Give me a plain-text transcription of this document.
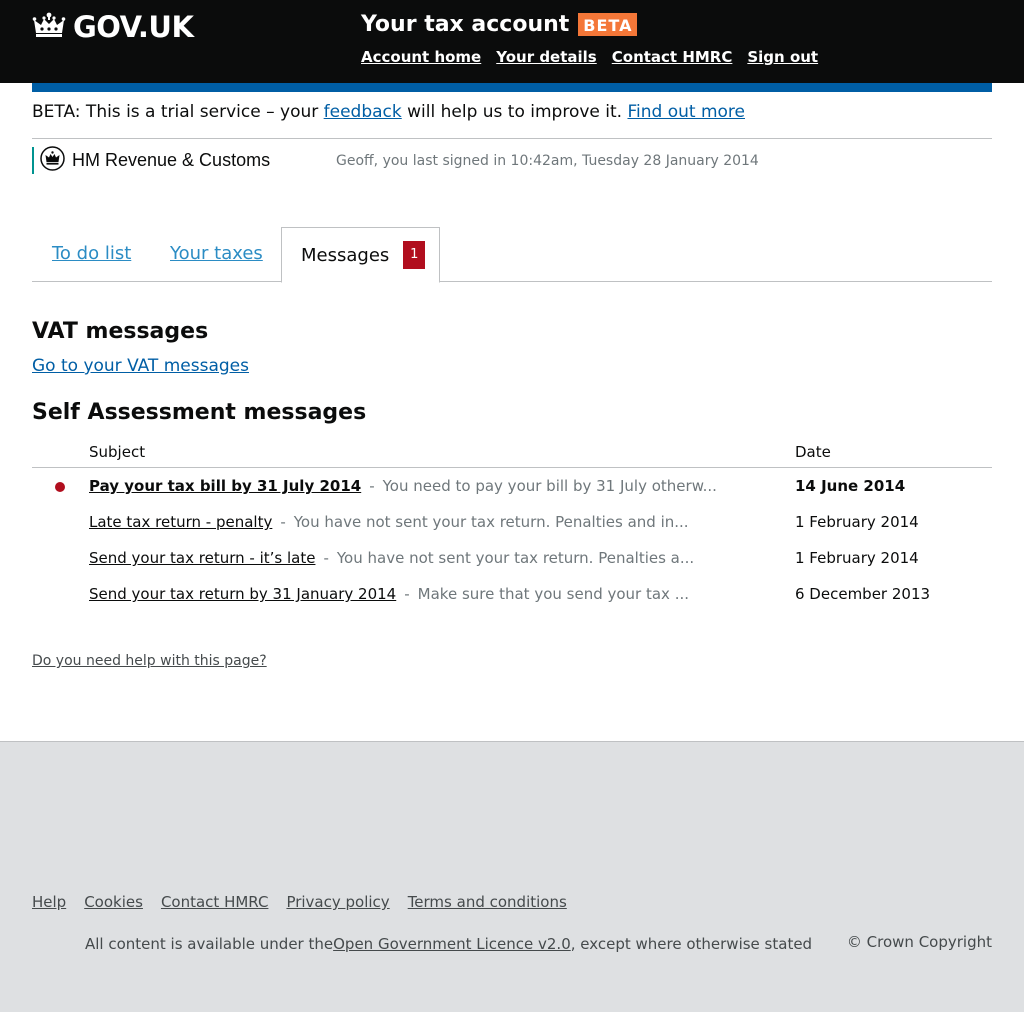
GOV.UK	Your tax account BETA
Account home Your details Contact HMRC Sign out
BETA: This is a trial service – your feedback will help us to improve it. Find out more
HM Revenue & Customs	Geoff, you last signed in 10:42am, Tuesday 28 January 2014
To do list Your taxes Messages	1
VAT messages
Go to your VAT messages
Self Assessment messages
Subject	Date
Pay your tax bill by 31 July 2014 - You need to pay your bill by 31 July otherw...	14 June 2014
Late tax return - penalty - You have not sent your tax return. Penalties and in...	1 February 2014
Send your tax return - it’s late - You have not sent your tax return. Penalties a...	1 February 2014
Send your tax return by 31 January 2014 - Make sure that you send your tax ...	6 December 2013
Do you need help with this page?
Help Cookies Contact HMRC Privacy policy Terms and conditions
All content is available under the Open Government Licence v2.0 , except where otherwise stated © Crown Copyright
